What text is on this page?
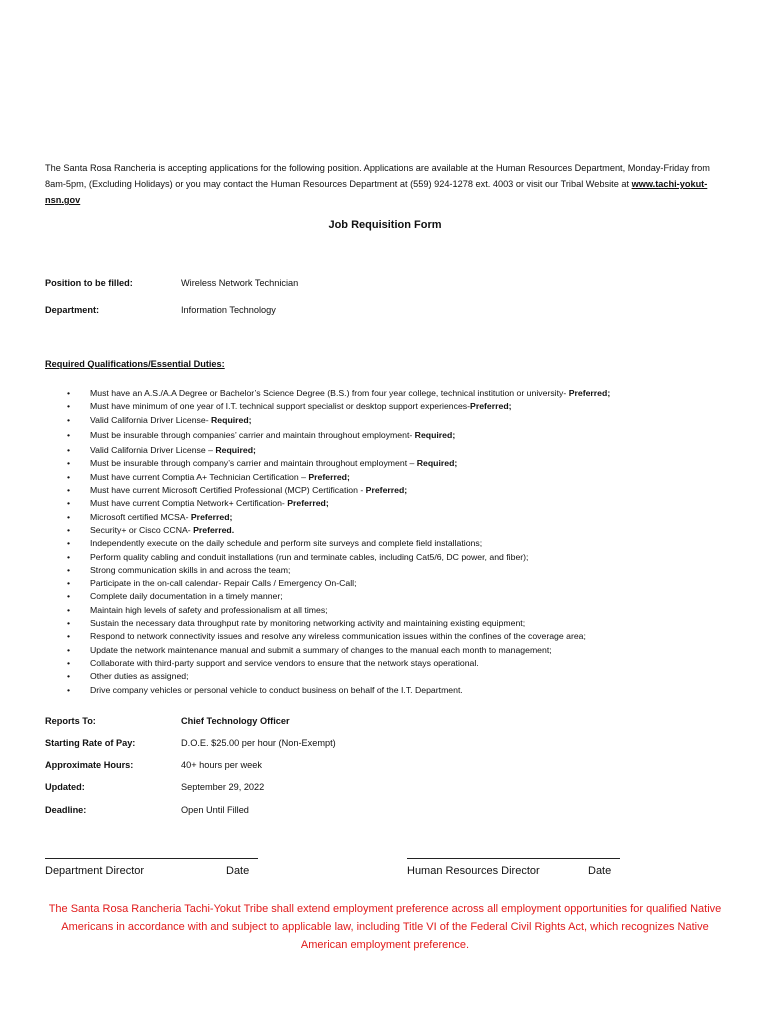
The Santa Rosa Rancheria is accepting applications for the following position. Applications are available at the Human Resources Department, Monday-Friday from 8am-5pm, (Excluding Holidays) or you may contact the Human Resources Department at (559) 924-1278 ext. 4003 or visit our Tribal Website at www.tachi-yokut-nsn.gov
Job Requisition Form
Position to be filled:	Wireless Network Technician
Department:	Information Technology
Required Qualifications/Essential Duties:
• Must have an A.S./A.A Degree or Bachelor’s Science Degree (B.S.) from four year college, technical institution or university- Preferred;
• Must have minimum of one year of I.T. technical support specialist or desktop support experiences-Preferred;
• Valid California Driver License- Required;
• Must be insurable through companies’ carrier and maintain throughout employment- Required;
• Valid California Driver License – Required;
• Must be insurable through company’s carrier and maintain throughout employment – Required;
• Must have current Comptia A+ Technician Certification – Preferred;
• Must have current Microsoft Certified Professional (MCP) Certification - Preferred;
• Must have current Comptia Network+ Certification- Preferred;
• Microsoft certified MCSA- Preferred;
• Security+ or Cisco CCNA- Preferred.
• Independently execute on the daily schedule and perform site surveys and complete field installations;
• Perform quality cabling and conduit installations (run and terminate cables, including Cat5/6, DC power, and fiber);
• Strong communication skills in and across the team;
• Participate in the on-call calendar- Repair Calls / Emergency On-Call;
• Complete daily documentation in a timely manner;
• Maintain high levels of safety and professionalism at all times;
• Sustain the necessary data throughput rate by monitoring networking activity and maintaining existing equipment;
• Respond to network connectivity issues and resolve any wireless communication issues within the confines of the coverage area;
• Update the network maintenance manual and submit a summary of changes to the manual each month to management;
• Collaborate with third-party support and service vendors to ensure that the network stays operational.
• Other duties as assigned;
• Drive company vehicles or personal vehicle to conduct business on behalf of the I.T. Department.
Reports To:	Chief Technology Officer
Starting Rate of Pay:	D.O.E. $25.00 per hour (Non-Exempt)
Approximate Hours:	40+ hours per week
Updated:	September 29, 2022
Deadline:	Open Until Filled
Department Director	Date	Human Resources Director	Date
The Santa Rosa Rancheria Tachi-Yokut Tribe shall extend employment preference across all employment opportunities for qualified Native Americans in accordance with and subject to applicable law, including Title VI of the Federal Civil Rights Act, which recognizes Native American employment preference.
